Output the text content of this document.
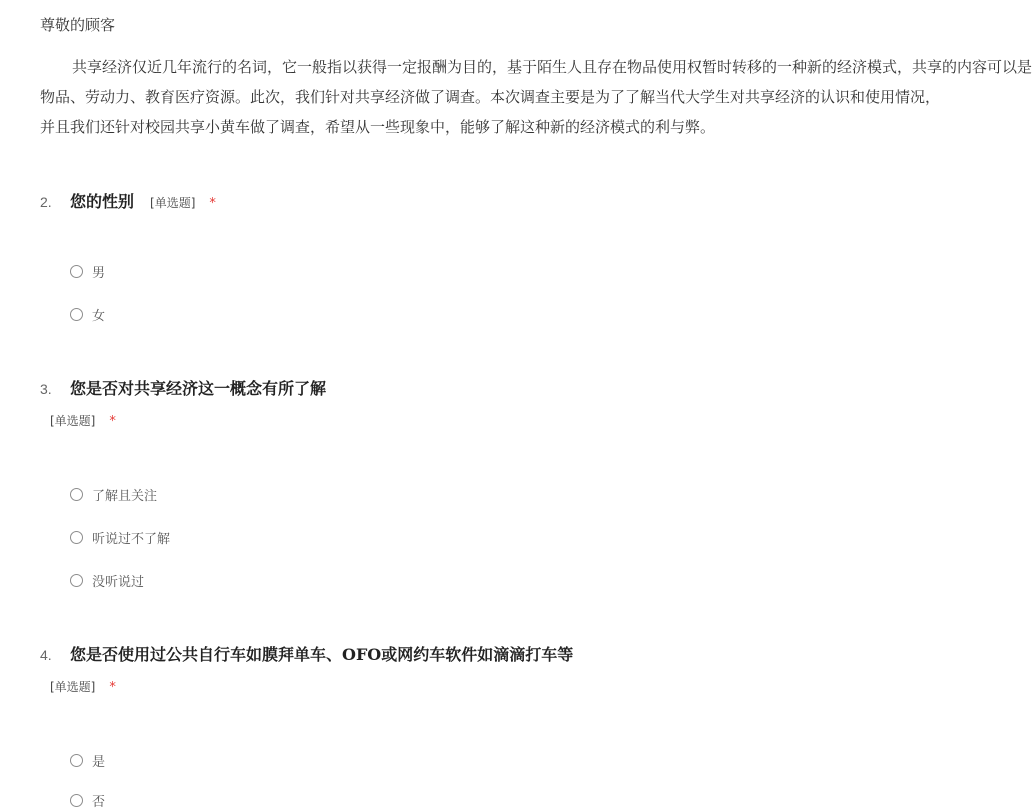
尊敬的顾客

共享经济仅近几年流行的名词，它一般指以获得一定报酬为目的，基于陌生人且存在物品使用权暂时转移的一种新的经济模式，共享的内容可以是
物品、劳动力、教育医疗资源。此次，我们针对共享经济做了调查。本次调查主要是为了了解当代大学生对共享经济的认识和使用情况，
并且我们还针对校园共享小黄车做了调查，希望从一些现象中，能够了解这种新的经济模式的利与弊。
2.	您的性别 [单选题] *
男
女
3.	您是否对共享经济这一概念有所了解
[单选题] *
了解且关注
听说过不了解
没听说过
4.	您是否使用过公共自行车如膜拜单车、OFO或网约车软件如滴滴打车等
[单选题] *
是
否
